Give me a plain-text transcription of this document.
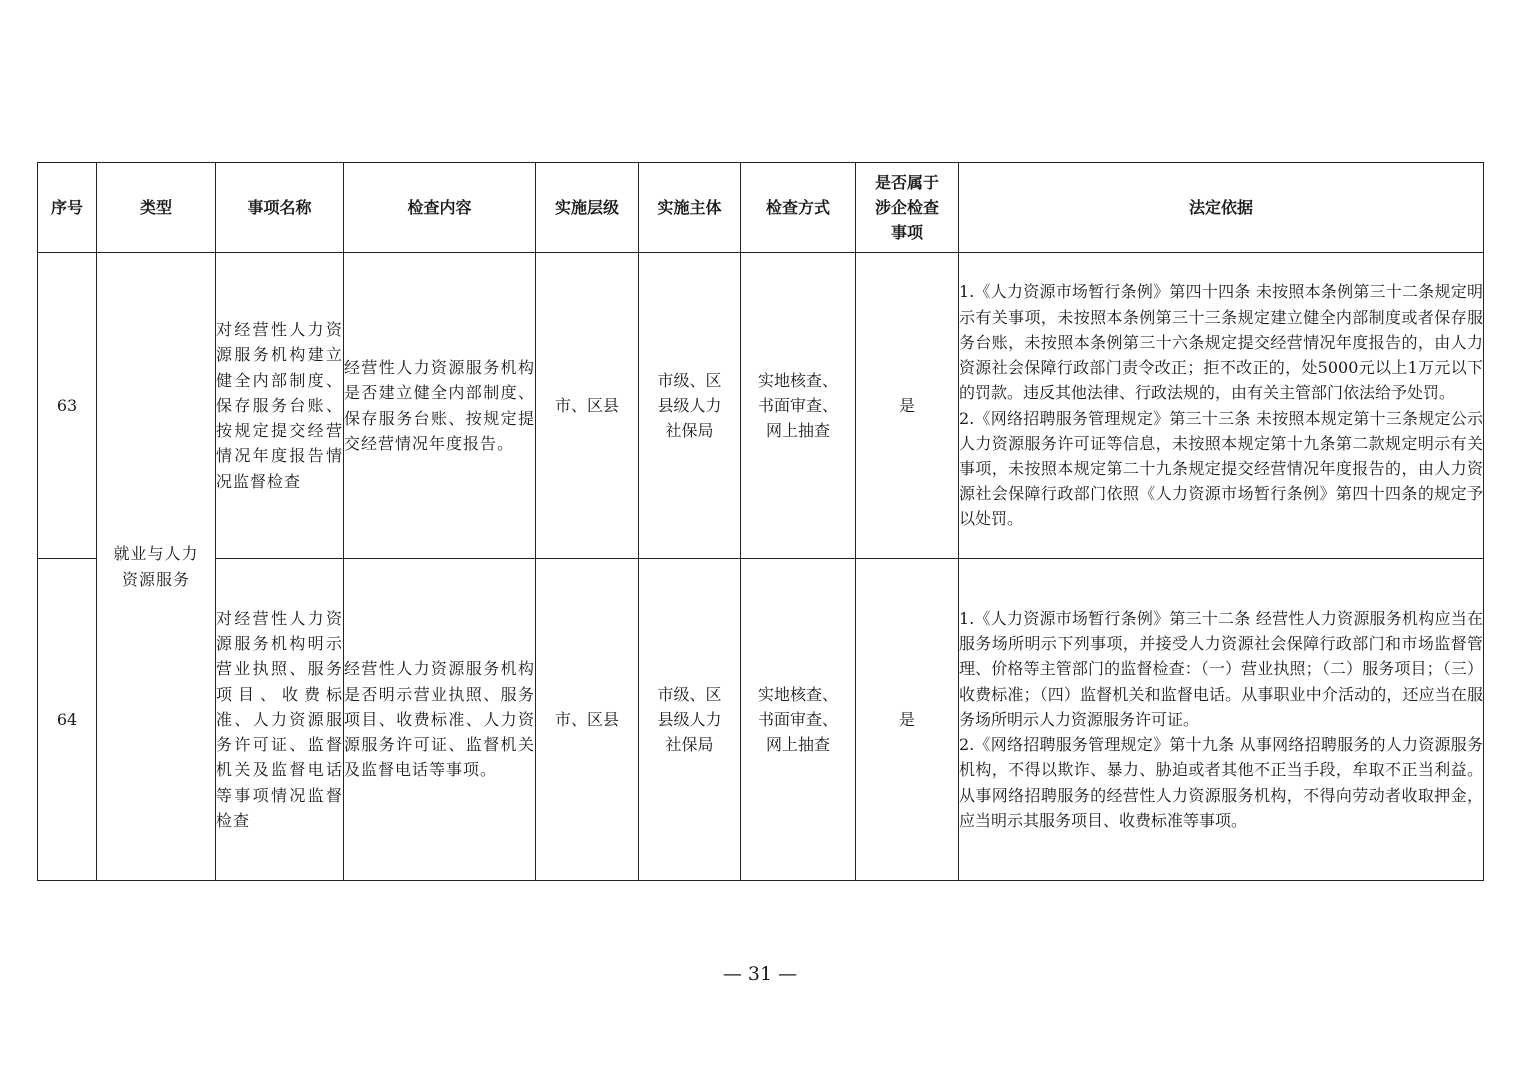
序号	类型	事项名称	检查内容	实施层级	实施主体	检查方式	是否属于涉企检查事项	法定依据

63	就业与人力资源服务	对经营性人力资源服务机构建立健全内部制度、保存服务台账、按规定提交经营情况年度报告情况监督检查	经营性人力资源服务机构是否建立健全内部制度、保存服务台账、按规定提交经营情况年度报告。	市、区县	市级、区县级人力社保局	实地核查、书面审查、网上抽查	是	1.《人力资源市场暂行条例》第四十四条 未按照本条例第三十二条规定明示有关事项，未按照本条例第三十三条规定建立健全内部制度或者保存服务台账，未按照本条例第三十六条规定提交经营情况年度报告的，由人力资源社会保障行政部门责令改正；拒不改正的，处5000元以上1万元以下的罚款。违反其他法律、行政法规的，由有关主管部门依法给予处罚。
2.《网络招聘服务管理规定》第三十三条 未按照本规定第十三条规定公示人力资源服务许可证等信息，未按照本规定第十九条第二款规定明示有关事项，未按照本规定第二十九条规定提交经营情况年度报告的，由人力资源社会保障行政部门依照《人力资源市场暂行条例》第四十四条的规定予以处罚。

64		对经营性人力资源服务机构明示营业执照、服务项目、收费标准、人力资源服务许可证、监督机关及监督电话等事项情况监督检查	经营性人力资源服务机构是否明示营业执照、服务项目、收费标准、人力资源服务许可证、监督机关及监督电话等事项。	市、区县	市级、区县级人力社保局	实地核查、书面审查、网上抽查	是	1.《人力资源市场暂行条例》第三十二条 经营性人力资源服务机构应当在服务场所明示下列事项，并接受人力资源社会保障行政部门和市场监督管理、价格等主管部门的监督检查：（一）营业执照；（二）服务项目；（三）收费标准；（四）监督机关和监督电话。从事职业中介活动的，还应当在服务场所明示人力资源服务许可证。
2.《网络招聘服务管理规定》第十九条 从事网络招聘服务的人力资源服务机构，不得以欺诈、暴力、胁迫或者其他不正当手段，牟取不正当利益。从事网络招聘服务的经营性人力资源服务机构，不得向劳动者收取押金，应当明示其服务项目、收费标准等事项。
— 31 —
